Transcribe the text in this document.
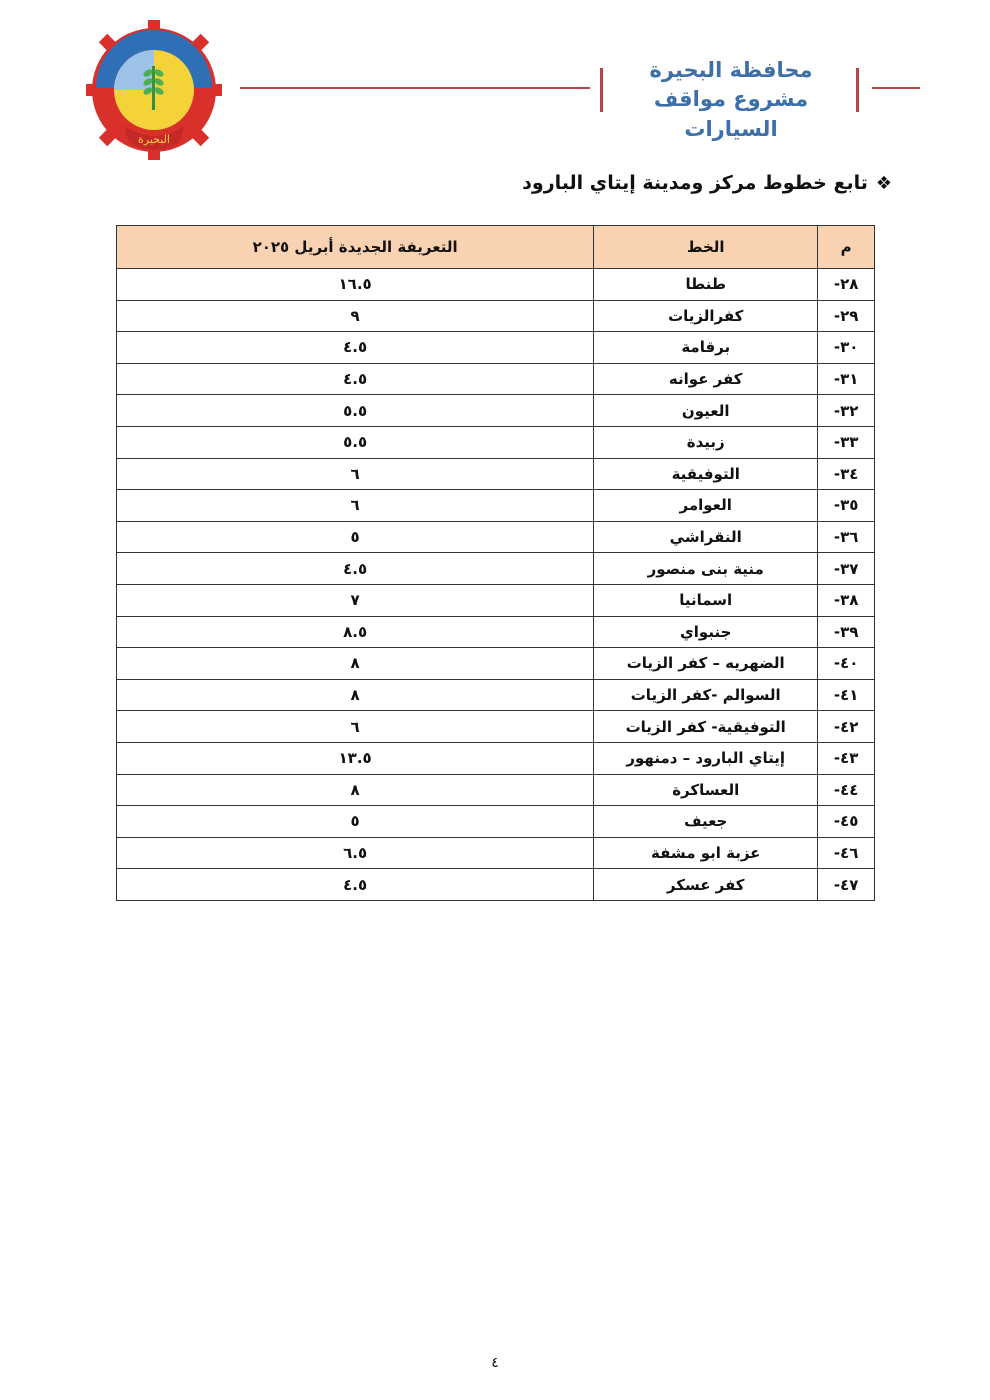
البحيرة
محافظة البحيرة
مشروع مواقف السيارات
❖
تابع خطوط مركز ومدينة إيتاي البارود
م	الخط	التعريفة الجديدة أبريل ٢٠٢٥
٢٨-	طنطا	١٦.٥
٢٩-	كفرالزيات	٩
٣٠-	برقامة	٤.٥
٣١-	كفر عوانه	٤.٥
٣٢-	العيون	٥.٥
٣٣-	زبيدة	٥.٥
٣٤-	التوفيقية	٦
٣٥-	العوامر	٦
٣٦-	النقراشي	٥
٣٧-	منية بنى منصور	٤.٥
٣٨-	اسمانيا	٧
٣٩-	جنبواي	٨.٥
٤٠-	الضهريه – كفر الزيات	٨
٤١-	السوالم -كفر الزيات	٨
٤٢-	التوفيقية- كفر الزيات	٦
٤٣-	إيتاي البارود – دمنهور	١٣.٥
٤٤-	العساكرة	٨
٤٥-	جعيف	٥
٤٦-	عزبة ابو مشفة	٦.٥
٤٧-	كفر عسكر	٤.٥
٤
